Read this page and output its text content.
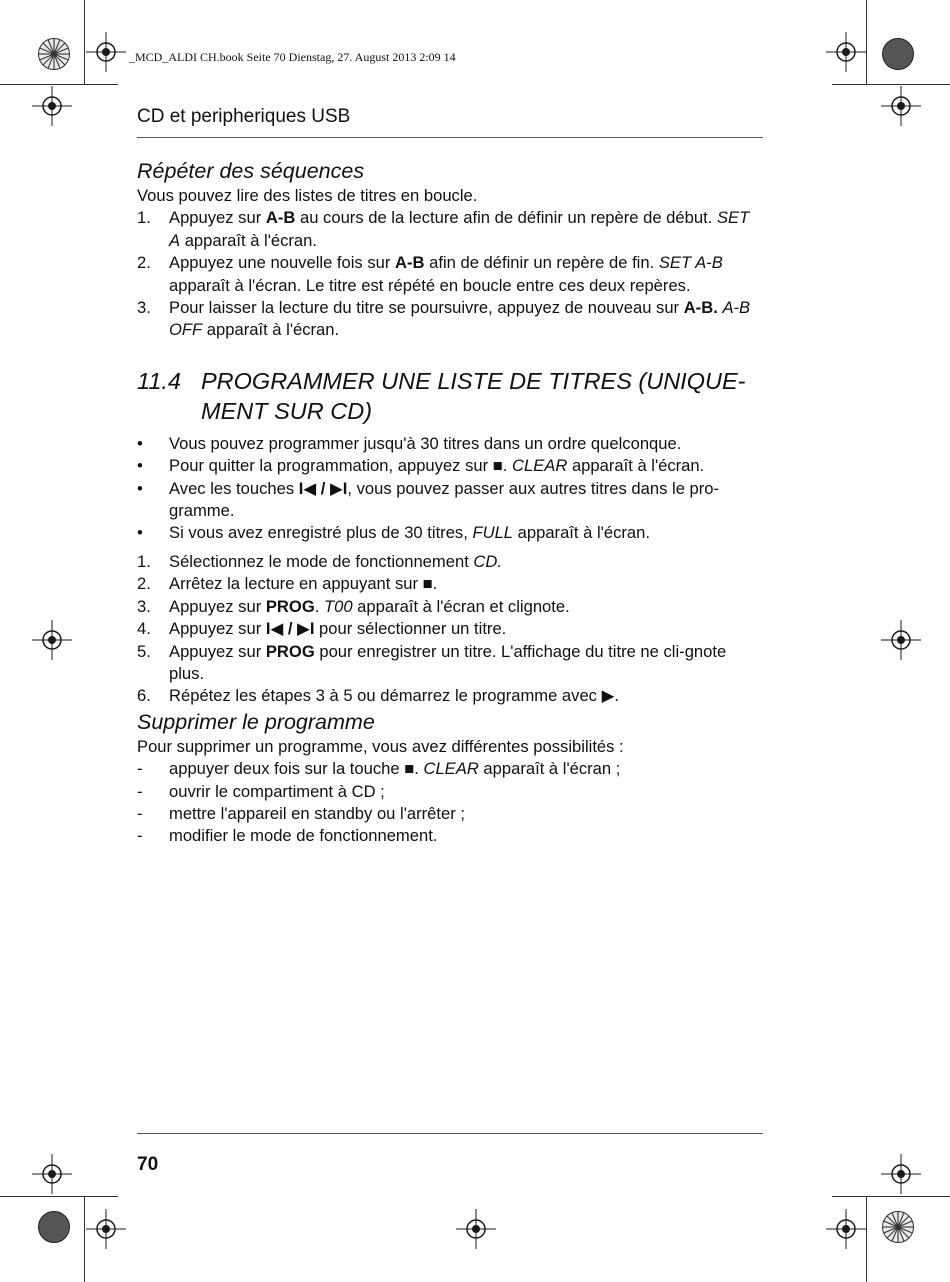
_MCD_ALDI CH.book Seite 70 Dienstag, 27. August 2013 2:09 14
CD et peripheriques USB

Répéter des séquences

Vous pouvez lire des listes de titres en boucle.

1. Appuyez sur A-B au cours de la lecture afin de définir un repère de début. SET A apparaît à l'écran.
2. Appuyez une nouvelle fois sur A-B afin de définir un repère de fin. SET A-B apparaît à l'écran. Le titre est répété en boucle entre ces deux repères.
3. Pour laisser la lecture du titre se poursuivre, appuyez de nouveau sur A-B. A-B OFF apparaît à l'écran.
11.4 PROGRAMMER UNE LISTE DE TITRES (UNIQUE-MENT SUR CD)
• Vous pouvez programmer jusqu'à 30 titres dans un ordre quelconque.
• Pour quitter la programmation, appuyez sur ■. CLEAR apparaît à l'écran.
• Avec les touches I◀ / ▶I, vous pouvez passer aux autres titres dans le pro-gramme.
• Si vous avez enregistré plus de 30 titres, FULL apparaît à l'écran.
1. Sélectionnez le mode de fonctionnement CD.
2. Arrêtez la lecture en appuyant sur ■.
3. Appuyez sur PROG. T00 apparaît à l'écran et clignote.
4. Appuyez sur I◀ / ▶I pour sélectionner un titre.
5. Appuyez sur PROG pour enregistrer un titre. L'affichage du titre ne cli-gnote plus.
6. Répétez les étapes 3 à 5 ou démarrez le programme avec ▶.

Supprimer le programme

Pour supprimer un programme, vous avez différentes possibilités :

- appuyer deux fois sur la touche ■. CLEAR apparaît à l'écran ;
- ouvrir le compartiment à CD ;
- mettre l'appareil en standby ou l'arrêter ;
- modifier le mode de fonctionnement.
70
